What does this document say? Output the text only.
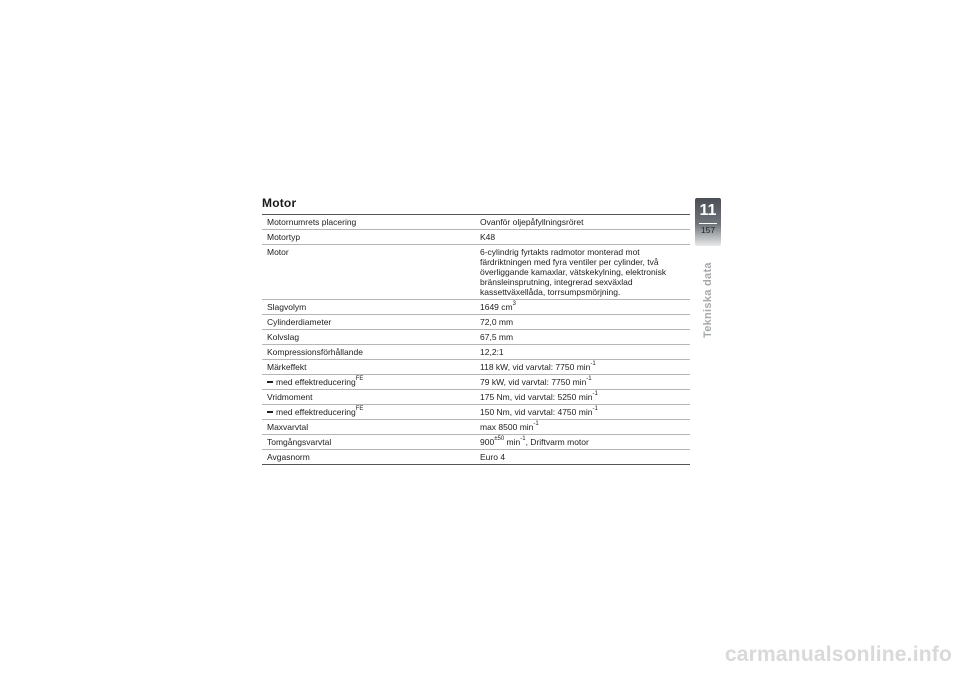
Motor
Motornumrets placering	Ovanför oljepåfyllningsröret
Motortyp	K48
Motor	6-cylindrig fyrtakts radmotor monterad mot färdriktningen med fyra ventiler per cylinder, två överliggande kamaxlar, vätskekylning, elektronisk bränsleinsprutning, integrerad sexväxlad kassettväxellåda, torrsumpsmörjning.
Slagvolym	1649 $cm^3$
Cylinderdiameter	72,0 mm
Kolvslag	67,5 mm
Kompressionsförhållande	12,2:1
Märkeffekt	118 kW, vid varvtal: 7750 $\min^{-1}$
med effektreducering$^{FE}$	79 kW, vid varvtal: 7750 $\min^{-1}$
Vridmoment	175 Nm, vid varvtal: 5250 $\min^{-1}$
med effektreducering$^{FE}$	150 Nm, vid varvtal: 4750 $\min^{-1}$
Maxvarvtal	max 8500 $\min^{-1}$
Tomgångsvarvtal	$900^{\pm 50}$ $\min^{-1}$, Driftvarm motor
Avgasnorm	Euro 4
11
157
Tekniska data
carmanualsonline.info
